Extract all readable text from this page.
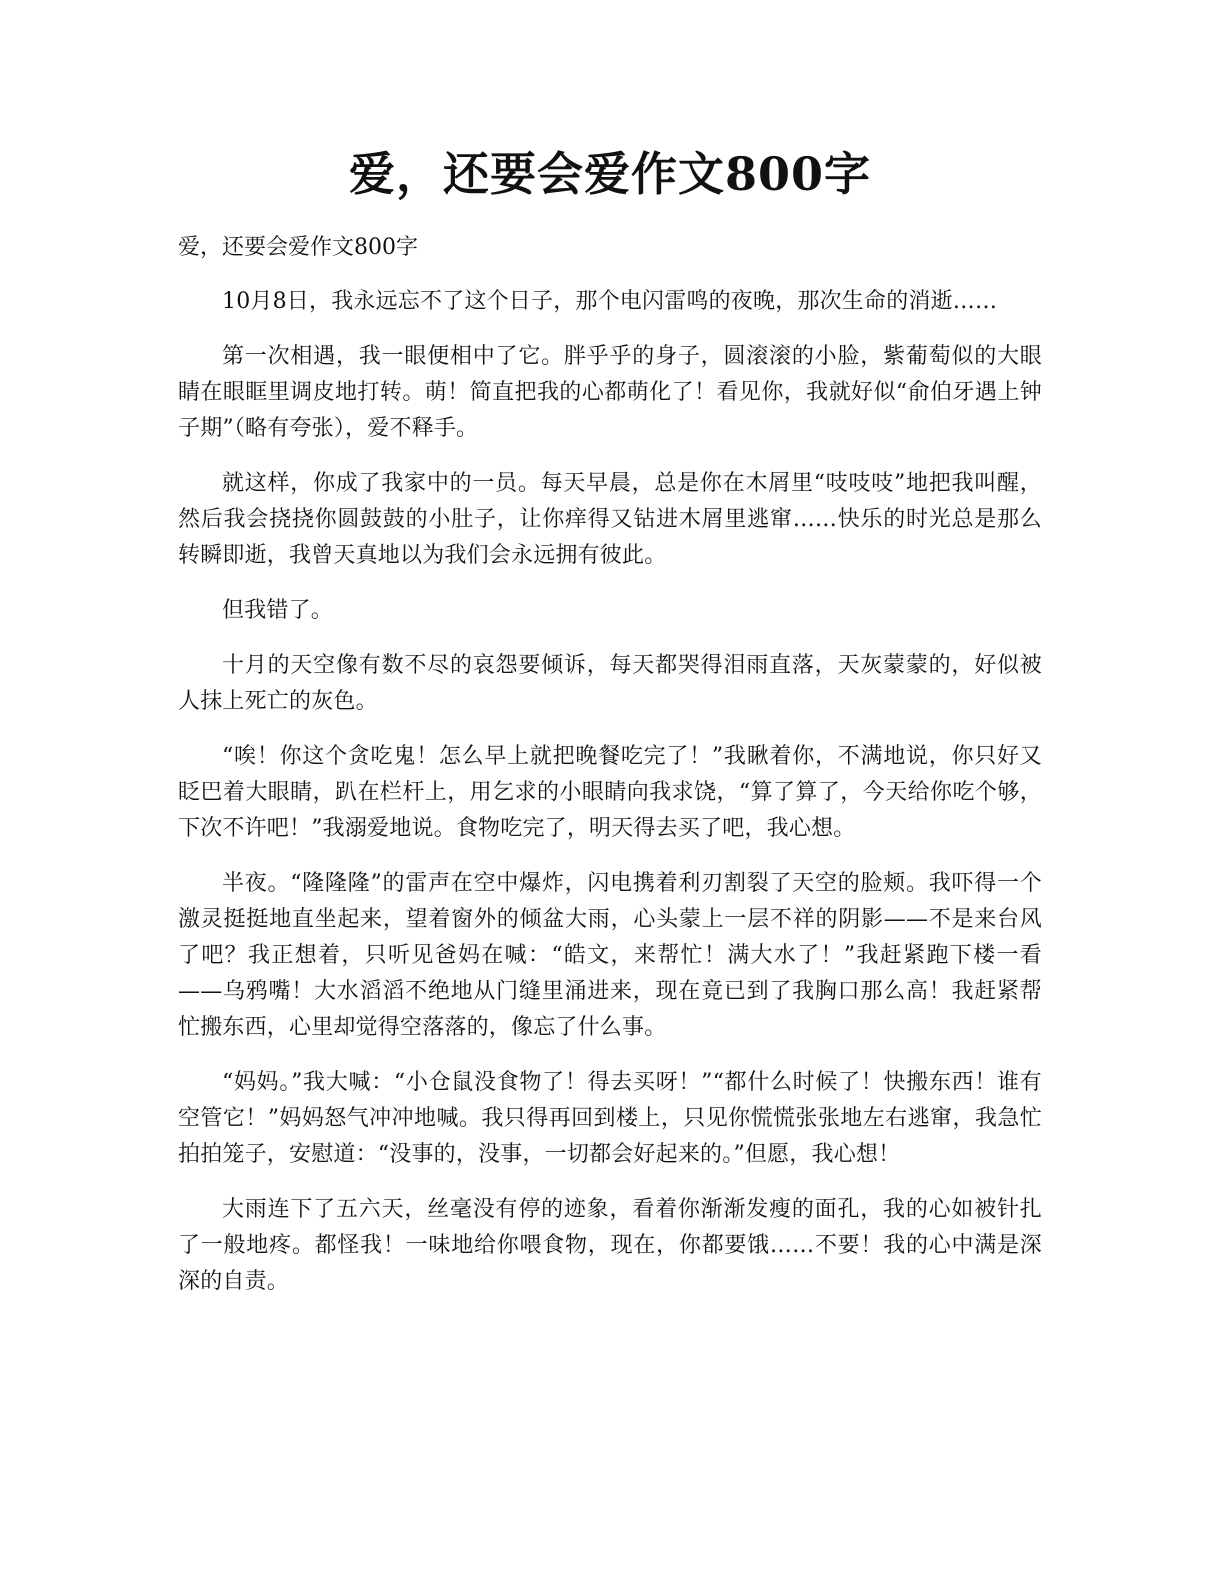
爱，还要会爱作文800字

爱，还要会爱作文800字

10月8日，我永远忘不了这个日子，那个电闪雷鸣的夜晚，那次生命的消逝……

第一次相遇，我一眼便相中了它。胖乎乎的身子，圆滚滚的小脸，紫葡萄似的大眼睛在眼眶里调皮地打转。萌！简直把我的心都萌化了！看见你，我就好似“俞伯牙遇上钟子期”（略有夸张），爱不释手。

就这样，你成了我家中的一员。每天早晨，总是你在木屑里“吱吱吱”地把我叫醒，然后我会挠挠你圆鼓鼓的小肚子，让你痒得又钻进木屑里逃窜……快乐的时光总是那么转瞬即逝，我曾天真地以为我们会永远拥有彼此。

但我错了。

十月的天空像有数不尽的哀怨要倾诉，每天都哭得泪雨直落，天灰蒙蒙的，好似被人抹上死亡的灰色。

“唉！你这个贪吃鬼！怎么早上就把晚餐吃完了！”我瞅着你，不满地说，你只好又眨巴着大眼睛，趴在栏杆上，用乞求的小眼睛向我求饶，“算了算了，今天给你吃个够，下次不许吧！”我溺爱地说。食物吃完了，明天得去买了吧，我心想。

半夜。“隆隆隆”的雷声在空中爆炸，闪电携着利刃割裂了天空的脸颊。我吓得一个激灵挺挺地直坐起来，望着窗外的倾盆大雨，心头蒙上一层不祥的阴影——不是来台风了吧？我正想着，只听见爸妈在喊：“皓文，来帮忙！满大水了！”我赶紧跑下楼一看——乌鸦嘴！大水滔滔不绝地从门缝里涌进来，现在竟已到了我胸口那么高！我赶紧帮忙搬东西，心里却觉得空落落的，像忘了什么事。

“妈妈。”我大喊：“小仓鼠没食物了！得去买呀！”“都什么时候了！快搬东西！谁有空管它！”妈妈怒气冲冲地喊。我只得再回到楼上，只见你慌慌张张地左右逃窜，我急忙拍拍笼子，安慰道：“没事的，没事，一切都会好起来的。”但愿，我心想！

大雨连下了五六天，丝毫没有停的迹象，看着你渐渐发瘦的面孔，我的心如被针扎了一般地疼。都怪我！一味地给你喂食物，现在，你都要饿……不要！我的心中满是深深的自责。
